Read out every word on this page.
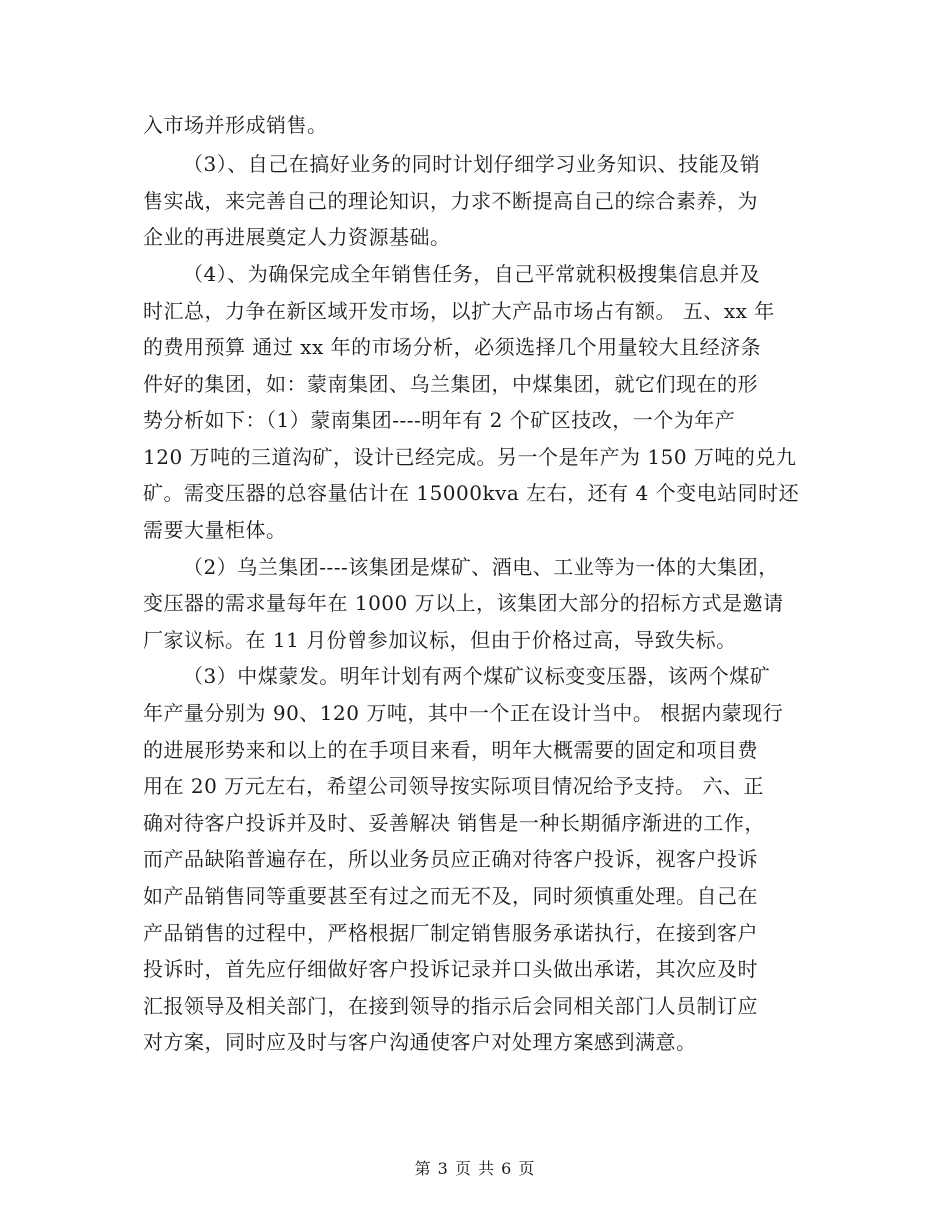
入市场并形成销售。
（3）、自己在搞好业务的同时计划仔细学习业务知识、技能及销
售实战，来完善自己的理论知识，力求不断提高自己的综合素养，为
企业的再进展奠定人力资源基础。
（4）、为确保完成全年销售任务，自己平常就积极搜集信息并及
时汇总，力争在新区域开发市场，以扩大产品市场占有额。 五、xx 年
的费用预算 通过 xx 年的市场分析，必须选择几个用量较大且经济条
件好的集团，如：蒙南集团、乌兰集团，中煤集团，就它们现在的形
势分析如下：（1）蒙南集团----明年有 2 个矿区技改，一个为年产
120 万吨的三道沟矿，设计已经完成。另一个是年产为 150 万吨的兑九
矿。需变压器的总容量估计在 15000kva 左右，还有 4 个变电站同时还
需要大量柜体。
（2）乌兰集团----该集团是煤矿、酒电、工业等为一体的大集团，
变压器的需求量每年在 1000 万以上，该集团大部分的招标方式是邀请
厂家议标。在 11 月份曾参加议标，但由于价格过高，导致失标。
（3）中煤蒙发。明年计划有两个煤矿议标变变压器，该两个煤矿
年产量分别为 90、120 万吨，其中一个正在设计当中。 根据内蒙现行
的进展形势来和以上的在手项目来看，明年大概需要的固定和项目费
用在 20 万元左右，希望公司领导按实际项目情况给予支持。 六、正
确对待客户投诉并及时、妥善解决 销售是一种长期循序渐进的工作，
而产品缺陷普遍存在，所以业务员应正确对待客户投诉，视客户投诉
如产品销售同等重要甚至有过之而无不及，同时须慎重处理。自己在
产品销售的过程中，严格根据厂制定销售服务承诺执行，在接到客户
投诉时，首先应仔细做好客户投诉记录并口头做出承诺，其次应及时
汇报领导及相关部门，在接到领导的指示后会同相关部门人员制订应
对方案，同时应及时与客户沟通使客户对处理方案感到满意。
第 3 页 共 6 页
